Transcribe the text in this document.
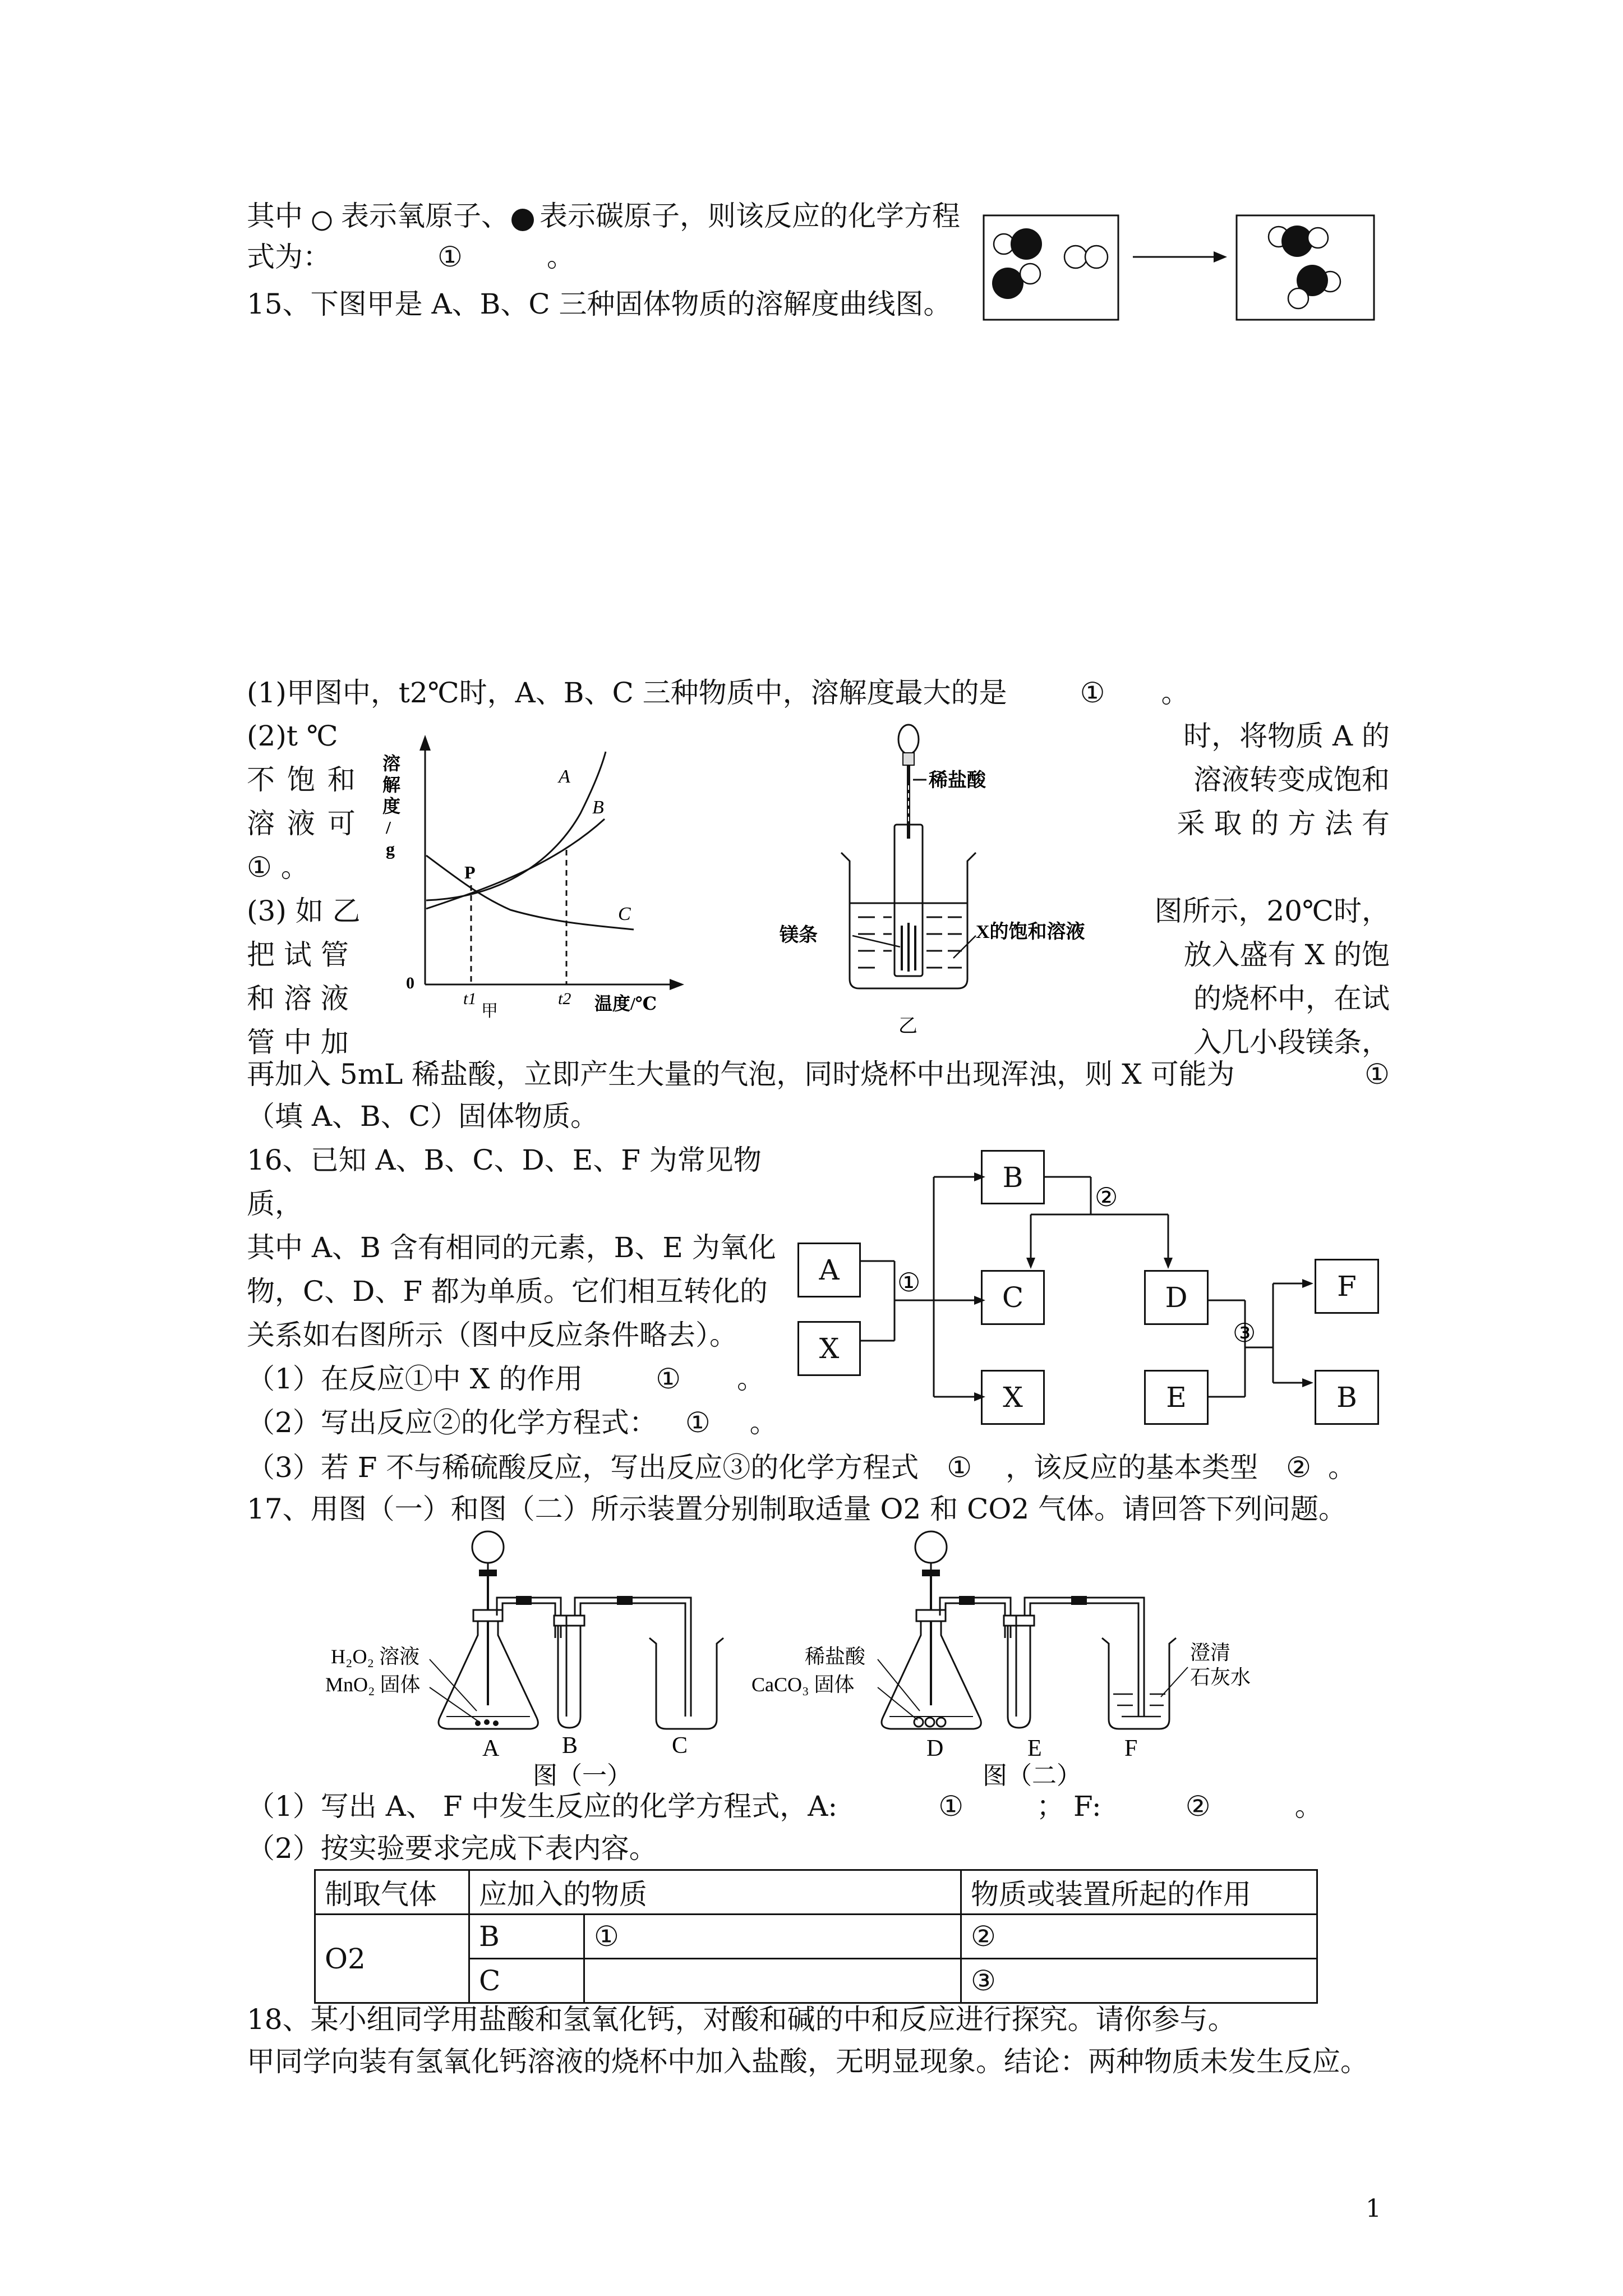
其中 表示氧原子、 表示碳原子，则该反应的化学方程
式为：	①	。
15、下图甲是 A、B、C 三种固体物质的溶解度曲线图。
(1)甲图中，t2℃时，A、B、C 三种物质中，溶解度最大的是	① 。
(2)t ℃
不 饱 和
溶 液 可
① 。
(3) 如 乙
把 试 管
和 溶 液
管 中 加
时，将物质 A 的
溶液转变成饱和
采 取 的 方 法 有
图所示，20℃时，
放入盛有 X 的饱
的烧杯中，在试
入几小段镁条，
溶
解
度
/
g
P
A
B
C
0
t1	t2 温度/℃
甲
稀盐酸
镁条	X的饱和溶液
乙
再加入 5mL 稀盐酸，立即产生大量的气泡，同时烧杯中出现浑浊，则 X 可能为	①
（填 A、B、C）固体物质。
16、已知 A、B、C、D、E、F 为常见物
质，
其中 A、B 含有相同的元素，B、E 为氧化
物，C、D、F 都为单质。它们相互转化的
关系如右图所示（图中反应条件略去）。
（1）在反应①中 X 的作用	① 。
（2）写出反应②的化学方程式： ① 。
①
②
③
A
X
B
C
X
D
E
F
B
（3）若 F 不与稀硫酸反应，写出反应③的化学方程式 ① ，该反应的基本类型 ② 。
17、用图（一）和图（二）所示装置分别制取适量 O2 和 CO2 气体。请回答下列问题。
H₂O₂ 溶液
MnO₂ 固体
A	B	C
图（一）
稀盐酸
CaCO₃ 固体
澄清
石灰水
D	E	F
图（二）
（1）写出 A、 F 中发生反应的化学方程式，A:	①	； F:	②	。
（2）按实验要求完成下表内容。
制取气体	应加入的物质		物质或装置所起的作用
O2	B	①	②
	C		③
18、某小组同学用盐酸和氢氧化钙，对酸和碱的中和反应进行探究。请你参与。
甲同学向装有氢氧化钙溶液的烧杯中加入盐酸，无明显现象。结论：两种物质未发生反应。
1
